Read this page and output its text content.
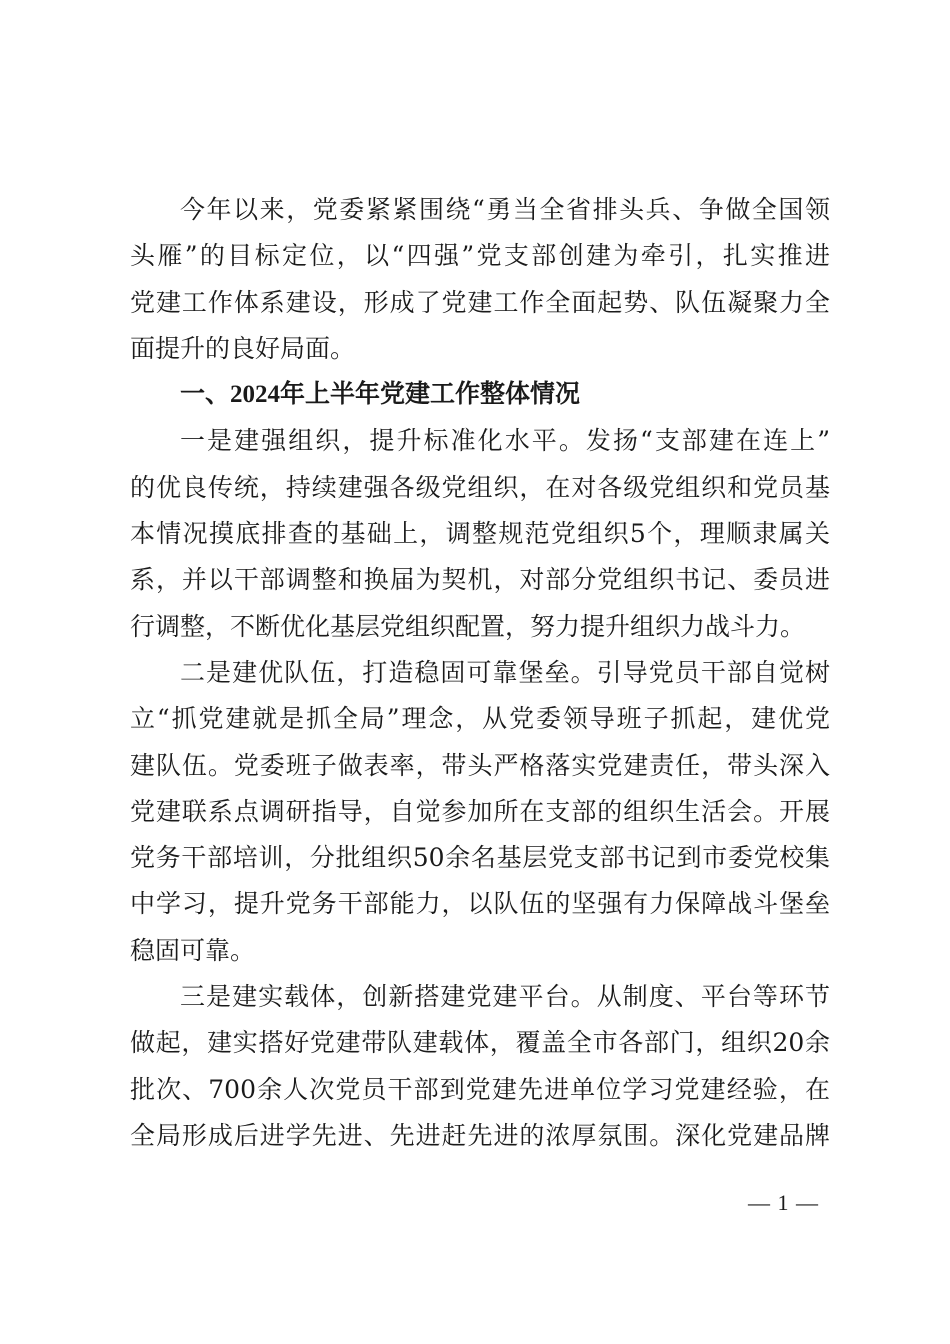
今年以来，党委紧紧围绕“勇当全省排头兵、争做全国领
头雁”的目标定位，以“四强”党支部创建为牵引，扎实推进
党建工作体系建设，形成了党建工作全面起势、队伍凝聚力全
面提升的良好局面。
一、2024年上半年党建工作整体情况
一是建强组织，提升标准化水平。发扬“支部建在连上”
的优良传统，持续建强各级党组织，在对各级党组织和党员基
本情况摸底排查的基础上，调整规范党组织5个，理顺隶属关
系，并以干部调整和换届为契机，对部分党组织书记、委员进
行调整，不断优化基层党组织配置，努力提升组织力战斗力。
二是建优队伍，打造稳固可靠堡垒。引导党员干部自觉树
立“抓党建就是抓全局”理念，从党委领导班子抓起，建优党
建队伍。党委班子做表率，带头严格落实党建责任，带头深入
党建联系点调研指导，自觉参加所在支部的组织生活会。开展
党务干部培训，分批组织50余名基层党支部书记到市委党校集
中学习，提升党务干部能力，以队伍的坚强有力保障战斗堡垒
稳固可靠。
三是建实载体，创新搭建党建平台。从制度、平台等环节
做起，建实搭好党建带队建载体，覆盖全市各部门，组织20余
批次、700余人次党员干部到党建先进单位学习党建经验，在
全局形成后进学先进、先进赶先进的浓厚氛围。深化党建品牌
— 1 —
